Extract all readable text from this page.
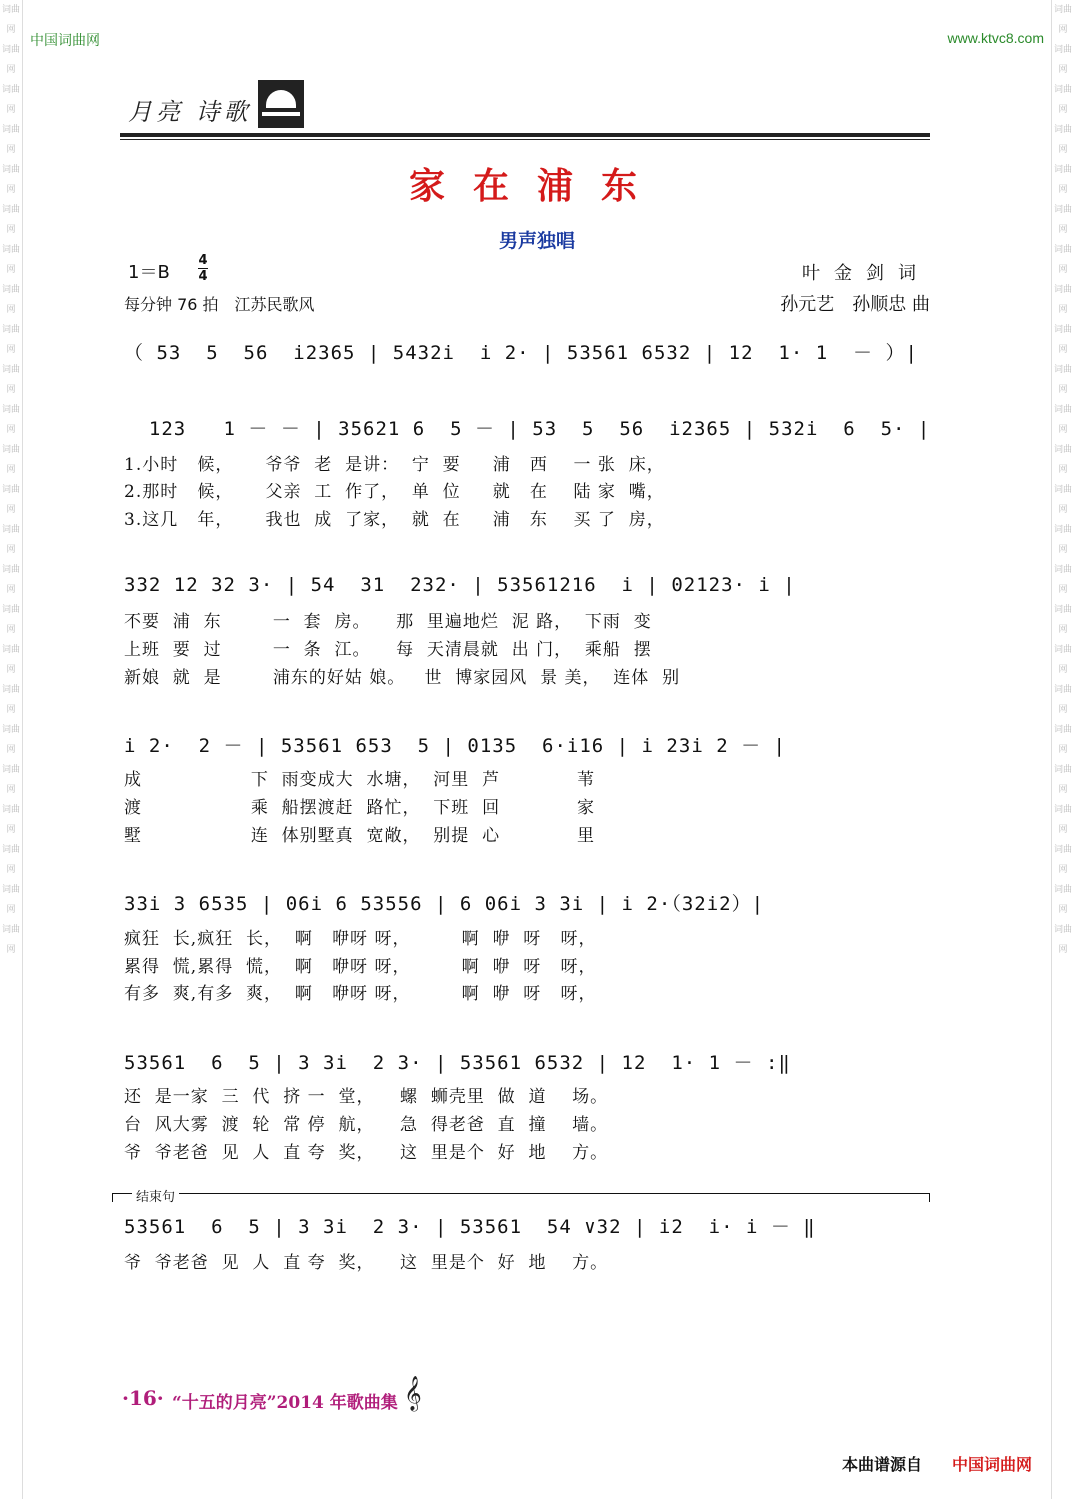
词曲网
词曲网
词曲网
词曲网
词曲网
词曲网
词曲网
词曲网
词曲网
词曲网
词曲网
词曲网
词曲网
词曲网
词曲网
词曲网
词曲网
词曲网
词曲网
词曲网
词曲网
词曲网
词曲网
词曲网
词曲网
词曲网
词曲网
词曲网
词曲网
词曲网
词曲网
词曲网
词曲网
词曲网
词曲网
词曲网
词曲网
词曲网
词曲网
词曲网
词曲网
词曲网
词曲网
词曲网
词曲网
词曲网
词曲网
词曲网
中国词曲网	www.ktvc8.com
月亮 诗歌
家在浦东
男声独唱
1＝B
4
4
每分钟 76 拍　江苏民歌风
叶金剑词
孙元艺　孙顺忠 曲
（ 53  5  56  i2365 | 5432i  i 2· | 53561 6532 | 12  1· 1  － ）|
123   1 － － | 35621 6  5 － | 53  5  56  i2365 | 532i  6  5· |
1.小时   候，     爷爷  老  是讲：  宁  要     浦   西    一 张  床，
2.那时   候，     父亲  工  作了，  单  位     就   在    陆 家  嘴，
3.这几   年，     我也  成  了家，  就  在     浦   东    买 了  房，
332 12 32 3· | 54  31  232· | 53561216  i | 02123· i |
不要  浦  东        一  套  房。    那  里遍地烂  泥 路，  下雨  变
上班  要  过        一  条  江。    每  天清晨就  出 门，  乘船  摆
新娘  就  是        浦东的好姑 娘。   世  博家园风  景 美，  连体  别
i 2·  2 － | 53561 653  5 | 0135  6·i16 | i 23i 2 － |
成                 下  雨变成大  水塘，  河里  芦            苇
渡                 乘  船摆渡赶  路忙，  下班  回            家
墅                 连  体别墅真  宽敞，  别提  心            里
33i 3 6535 | 06i 6 53556 | 6 06i 3 3i | i 2·（32i2）|
疯狂  长,疯狂  长，  啊   咿呀 呀，        啊  咿  呀   呀，
累得  慌,累得  慌，  啊   咿呀 呀，        啊  咿  呀   呀，
有多  爽,有多  爽，  啊   咿呀 呀，        啊  咿  呀   呀，
53561  6  5 | 3 3i  2 3· | 53561 6532 | 12  1· 1 － :‖
还  是一家  三  代  挤 一  堂，    螺  蛳壳里  做  道    场。
台  风大雾  渡  轮  常 停  航，    急  得老爸  直  撞    墙。
爷  爷老爸  见  人  直 夸  奖，    这  里是个  好  地    方。
结束句
53561  6  5 | 3 3i  2 3· | 53561  54 ∨32 | i2  i· i － ‖
爷  爷老爸  见  人  直 夸  奖，    这  里是个  好  地    方。
·16· “十五的月亮”2014 年歌曲集 𝄞
本曲谱源自 中国词曲网
